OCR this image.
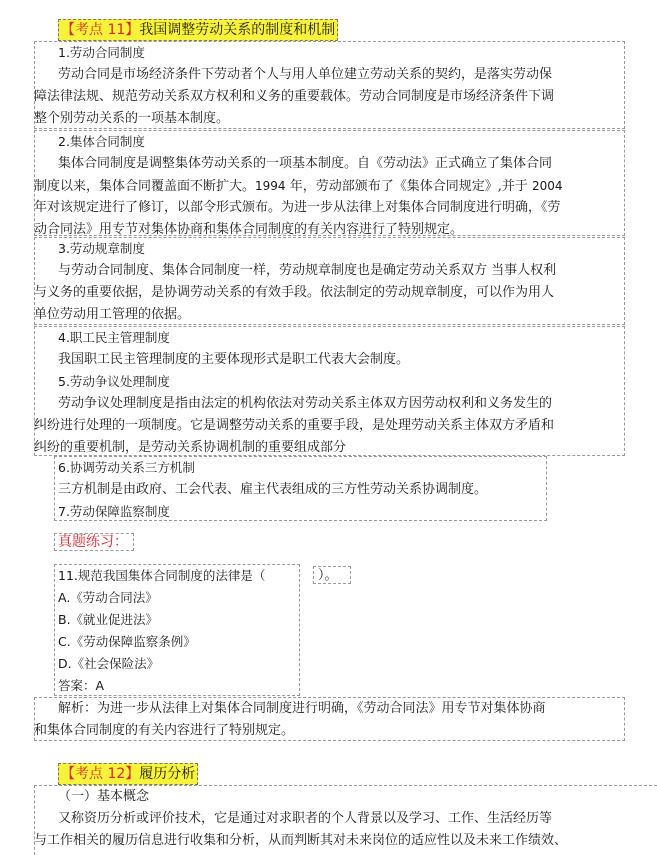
【考点 11】我国调整劳动关系的制度和机制
1.劳动合同制度
劳动合同是市场经济条件下劳动者个人与用人单位建立劳动关系的契约，是落实劳动保
障法律法规、规范劳动关系双方权利和义务的重要载体。劳动合同制度是市场经济条件下调
整个别劳动关系的一项基本制度。
2.集体合同制度
集体合同制度是调整集体劳动关系的一项基本制度。自《劳动法》正式确立了集体合同
制度以来，集体合同覆盖面不断扩大。1994 年，劳动部颁布了《集体合同规定》,并于 2004
年对该规定进行了修订，以部令形式颁布。为进一步从法律上对集体合同制度进行明确，《劳
动合同法》用专节对集体协商和集体合同制度的有关内容进行了特别规定。
3.劳动规章制度
与劳动合同制度、集体合同制度一样，劳动规章制度也是确定劳动关系双方 当事人权利
与义务的重要依据，是协调劳动关系的有效手段。依法制定的劳动规章制度，可以作为用人
单位劳动用工管理的依据。
4.职工民主管理制度
我国职工民主管理制度的主要体现形式是职工代表大会制度。
5.劳动争议处理制度
劳动争议处理制度是指由法定的机构依法对劳动关系主体双方因劳动权利和义务发生的
纠纷进行处理的一项制度。它是调整劳动关系的重要手段，是处理劳动关系主体双方矛盾和
纠纷的重要机制，是劳动关系协调机制的重要组成部分
6.协调劳动关系三方机制
三方机制是由政府、工会代表、雇主代表组成的三方性劳动关系协调制度。
7.劳动保障监察制度
真题练习：
11.规范我国集体合同制度的法律是（	）。
A.《劳动合同法》
B.《就业促进法》
C.《劳动保障监察条例》
D.《社会保险法》
答案：A
解析：为进一步从法律上对集体合同制度进行明确，《劳动合同法》用专节对集体协商
和集体合同制度的有关内容进行了特别规定。
【考点 12】履历分析
（一）基本概念
又称资历分析或评价技术，它是通过对求职者的个人背景以及学习、工作、生活经历等
与工作相关的履历信息进行收集和分析，从而判断其对未来岗位的适应性以及未来工作绩效、
